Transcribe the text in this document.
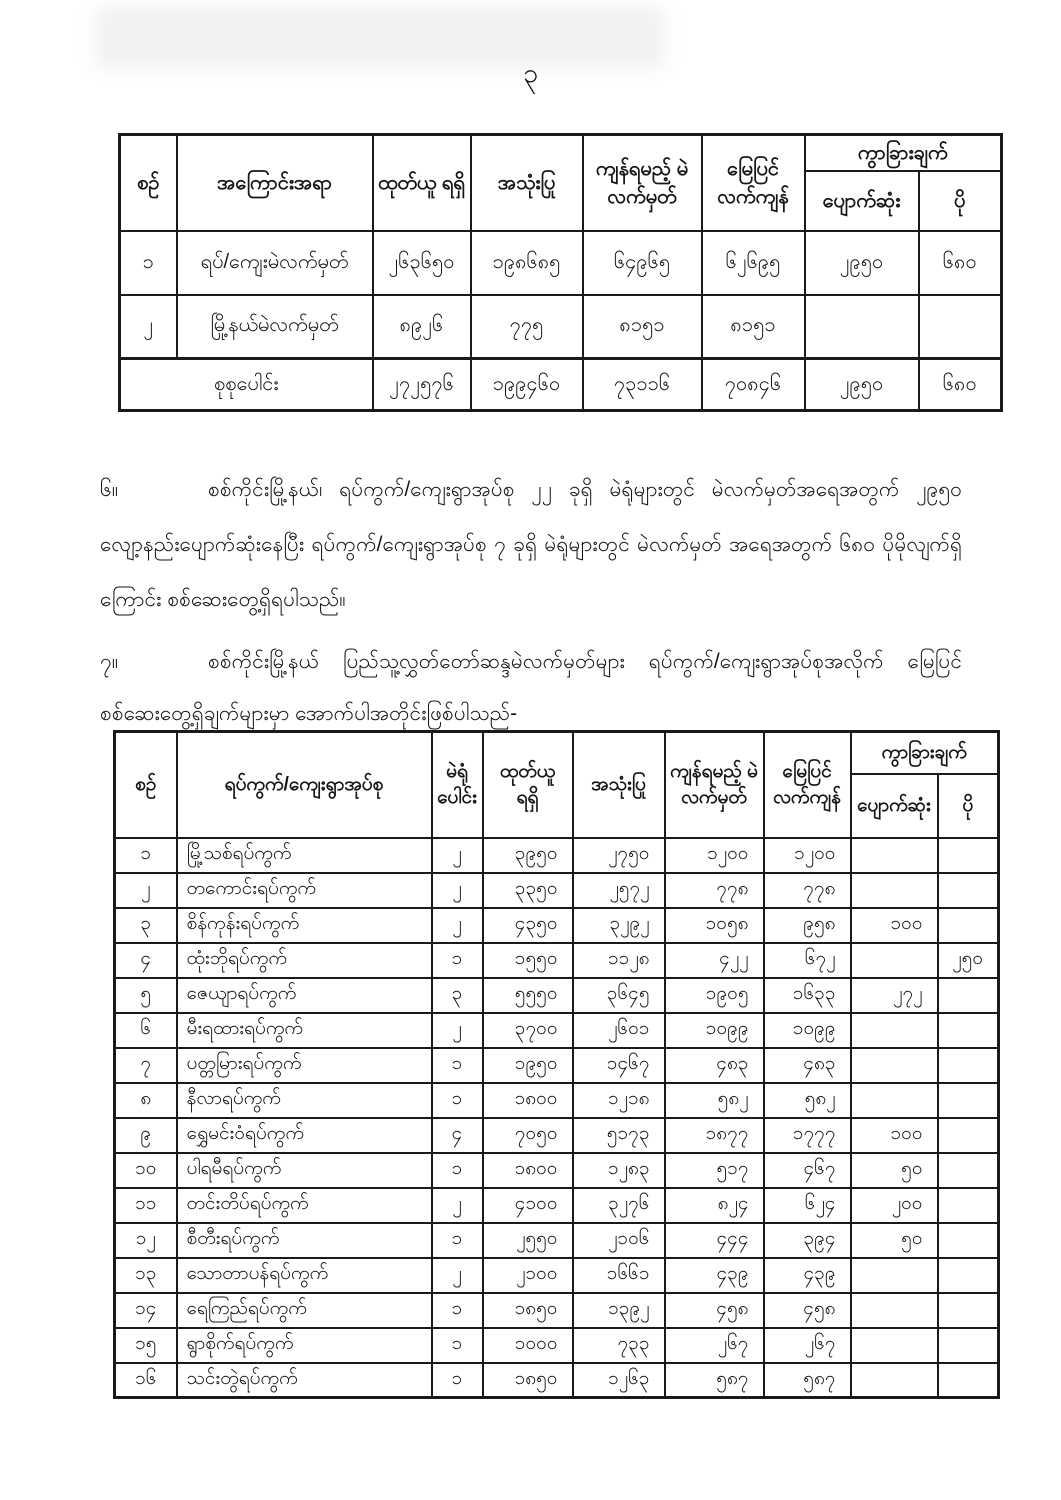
၃
စဉ်	အကြောင်းအရာ	ထုတ်ယူ ရရှိ	အသုံးပြု	ကျန်ရမည့် မဲလက်မှတ်	မြေပြင် လက်ကျန်	ကွာခြားချက်	
						ပျောက်ဆုံး	ပို
၁	ရပ်/ကျေးမဲလက်မှတ်	၂၆၃၆၅၀	၁၉၈၆၈၅	၆၄၉၆၅	၆၂၆၉၅	၂၉၅၀	၆၈၀
၂	မြို့နယ်မဲလက်မှတ်	၈၉၂၆	၇၇၅	၈၁၅၁	၈၁၅၁		
စုစုပေါင်း		၂၇၂၅၇၆	၁၉၉၄၆၀	၇၃၁၁၆	၇၀၈၄၆	၂၉၅၀	၆၈၀
၆။	စစ်ကိုင်းမြို့နယ်၊ ရပ်ကွက်/ကျေးရွာအုပ်စု ၂၂ ခုရှိ မဲရုံများတွင် မဲလက်မှတ်အရေအတွက် ၂၉၅၀ လျော့နည်းပျောက်ဆုံးနေပြီး ရပ်ကွက်/ကျေးရွာအုပ်စု ၇ ခုရှိ မဲရုံများတွင် မဲလက်မှတ် အရေအတွက် ၆၈၀ ပိုမိုလျက်ရှိကြောင်း စစ်ဆေးတွေ့ရှိရပါသည်။
၇။	စစ်ကိုင်းမြို့နယ် ပြည်သူ့လွှတ်တော်ဆန္ဒမဲလက်မှတ်များ ရပ်ကွက်/ကျေးရွာအုပ်စုအလိုက် မြေပြင်စစ်ဆေးတွေ့ရှိချက်များမှာ အောက်ပါအတိုင်းဖြစ်ပါသည်-
စဉ်	ရပ်ကွက်/ကျေးရွာအုပ်စု	မဲရုံ ပေါင်း	ထုတ်ယူ ရရှိ	အသုံးပြု	ကျန်ရမည့် မဲလက်မှတ်	မြေပြင် လက်ကျန်	ကွာခြားချက်	
							ပျောက်ဆုံး	ပို
၁	မြို့သစ်ရပ်ကွက်	၂	၃၉၅၀	၂၇၅၀	၁၂၀၀	၁၂၀၀		
၂	တကောင်းရပ်ကွက်	၂	၃၃၅၀	၂၅၇၂	၇၇၈	၇၇၈		
၃	စိန်ကုန်းရပ်ကွက်	၂	၄၃၅၀	၃၂၉၂	၁၀၅၈	၉၅၈	၁၀၀	
၄	ထုံးဘိုရပ်ကွက်	၁	၁၅၅၀	၁၁၂၈	၄၂၂	၆၇၂		၂၅၀
၅	ဇေယျာရပ်ကွက်	၃	၅၅၅၀	၃၆၄၅	၁၉၀၅	၁၆၃၃	၂၇၂	
၆	မီးရထားရပ်ကွက်	၂	၃၇၀၀	၂၆၀၁	၁၀၉၉	၁၀၉၉		
၇	ပတ္တမြားရပ်ကွက်	၁	၁၉၅၀	၁၄၆၇	၄၈၃	၄၈၃		
၈	နီလာရပ်ကွက်	၁	၁၈၀၀	၁၂၁၈	၅၈၂	၅၈၂		
၉	ရွှေမင်းဝံရပ်ကွက်	၄	၇၀၅၀	၅၁၇၃	၁၈၇၇	၁၇၇၇	၁၀၀	
၁၀	ပါရမီရပ်ကွက်	၁	၁၈၀၀	၁၂၈၃	၅၁၇	၄၆၇	၅၀	
၁၁	တင်းတိပ်ရပ်ကွက်	၂	၄၁၀၀	၃၂၇၆	၈၂၄	၆၂၄	၂၀၀	
၁၂	စီတီးရပ်ကွက်	၁	၂၅၅၀	၂၁၀၆	၄၄၄	၃၉၄	၅၀	
၁၃	သောတာပန်ရပ်ကွက်	၂	၂၁၀၀	၁၆၆၁	၄၃၉	၄၃၉		
၁၄	ရေကြည်ရပ်ကွက်	၁	၁၈၅၀	၁၃၉၂	၄၅၈	၄၅၈		
၁၅	ရွာစိုက်ရပ်ကွက်	၁	၁၀၀၀	၇၃၃	၂၆၇	၂၆၇		
၁၆	သင်းတွဲရပ်ကွက်	၁	၁၈၅၀	၁၂၆၃	၅၈၇	၅၈၇		
